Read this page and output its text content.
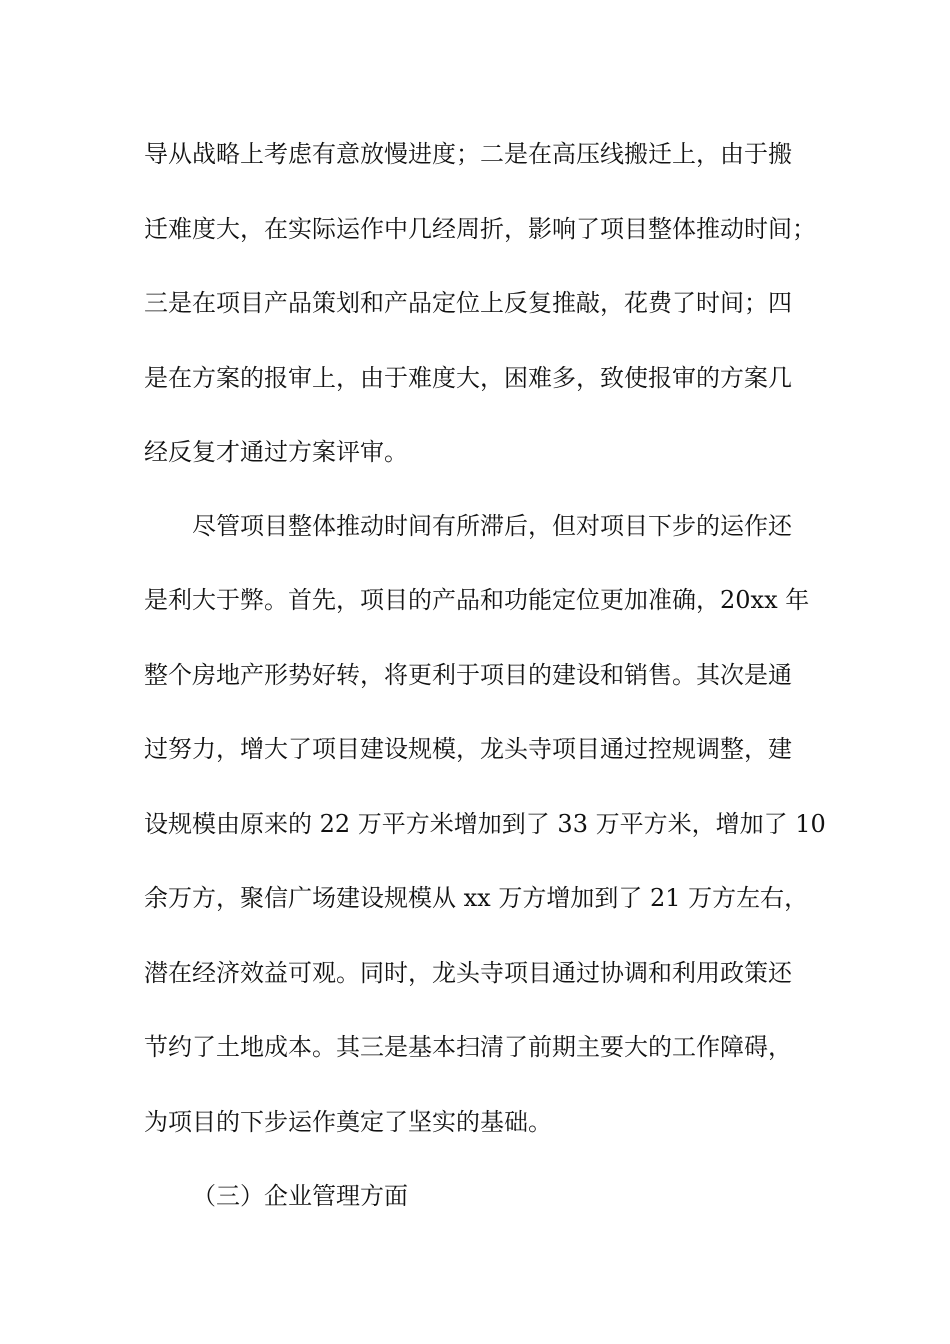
导从战略上考虑有意放慢进度；二是在高压线搬迁上，由于搬
迁难度大，在实际运作中几经周折，影响了项目整体推动时间；
三是在项目产品策划和产品定位上反复推敲，花费了时间；四
是在方案的报审上，由于难度大，困难多，致使报审的方案几
经反复才通过方案评审。
尽管项目整体推动时间有所滞后，但对项目下步的运作还
是利大于弊。首先，项目的产品和功能定位更加准确，20xx 年
整个房地产形势好转，将更利于项目的建设和销售。其次是通
过努力，增大了项目建设规模，龙头寺项目通过控规调整，建
设规模由原来的 22 万平方米增加到了 33 万平方米，增加了 10
余万方，聚信广场建设规模从 xx 万方增加到了 21 万方左右，
潜在经济效益可观。同时，龙头寺项目通过协调和利用政策还
节约了土地成本。其三是基本扫清了前期主要大的工作障碍，
为项目的下步运作奠定了坚实的基础。
（三）企业管理方面
